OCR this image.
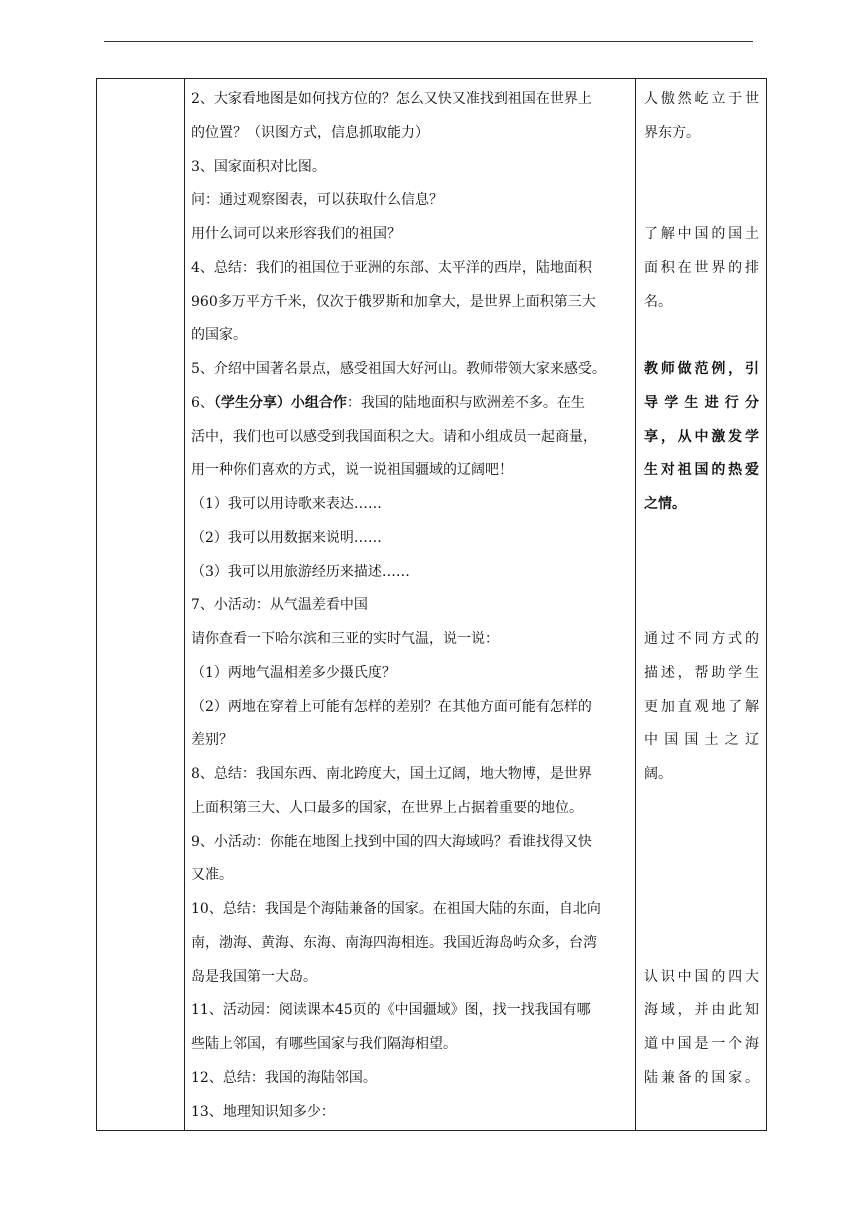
2、大家看地图是如何找方位的？怎么又快又准找到祖国在世界上
的位置？（识图方式，信息抓取能力）
3、国家面积对比图。
问：通过观察图表，可以获取什么信息？
用什么词可以来形容我们的祖国？
4、总结：我们的祖国位于亚洲的东部、太平洋的西岸，陆地面积
960多万平方千米，仅次于俄罗斯和加拿大，是世界上面积第三大
的国家。
5、介绍中国著名景点，感受祖国大好河山。教师带领大家来感受。
6、（学生分享）小组合作：我国的陆地面积与欧洲差不多。在生
活中，我们也可以感受到我国面积之大。请和小组成员一起商量，
用一种你们喜欢的方式，说一说祖国疆域的辽阔吧！
（1）我可以用诗歌来表达……
（2）我可以用数据来说明……
（3）我可以用旅游经历来描述……
7、小活动：从气温差看中国
请你查看一下哈尔滨和三亚的实时气温，说一说：
（1）两地气温相差多少摄氏度？
（2）两地在穿着上可能有怎样的差别？在其他方面可能有怎样的
差别？
8、总结：我国东西、南北跨度大，国土辽阔，地大物博，是世界
上面积第三大、人口最多的国家，在世界上占据着重要的地位。
9、小活动：你能在地图上找到中国的四大海域吗？看谁找得又快
又准。
10、总结：我国是个海陆兼备的国家。在祖国大陆的东面，自北向
南，渤海、黄海、东海、南海四海相连。我国近海岛屿众多，台湾
岛是我国第一大岛。
11、活动园：阅读课本45页的《中国疆域》图，找一找我国有哪
些陆上邻国，有哪些国家与我们隔海相望。
12、总结：我国的海陆邻国。
13、地理知识知多少：
人傲然屹立于世
界东方。
了解中国的国土
面积在世界的排
名。
教师做范例，引
导学生进行分
享，从中激发学
生对祖国的热爱
之情。
通过不同方式的
描述，帮助学生
更加直观地了解
中国国土之辽
阔。
认识中国的四大
海域，并由此知
道中国是一个海
陆兼备的国家。
